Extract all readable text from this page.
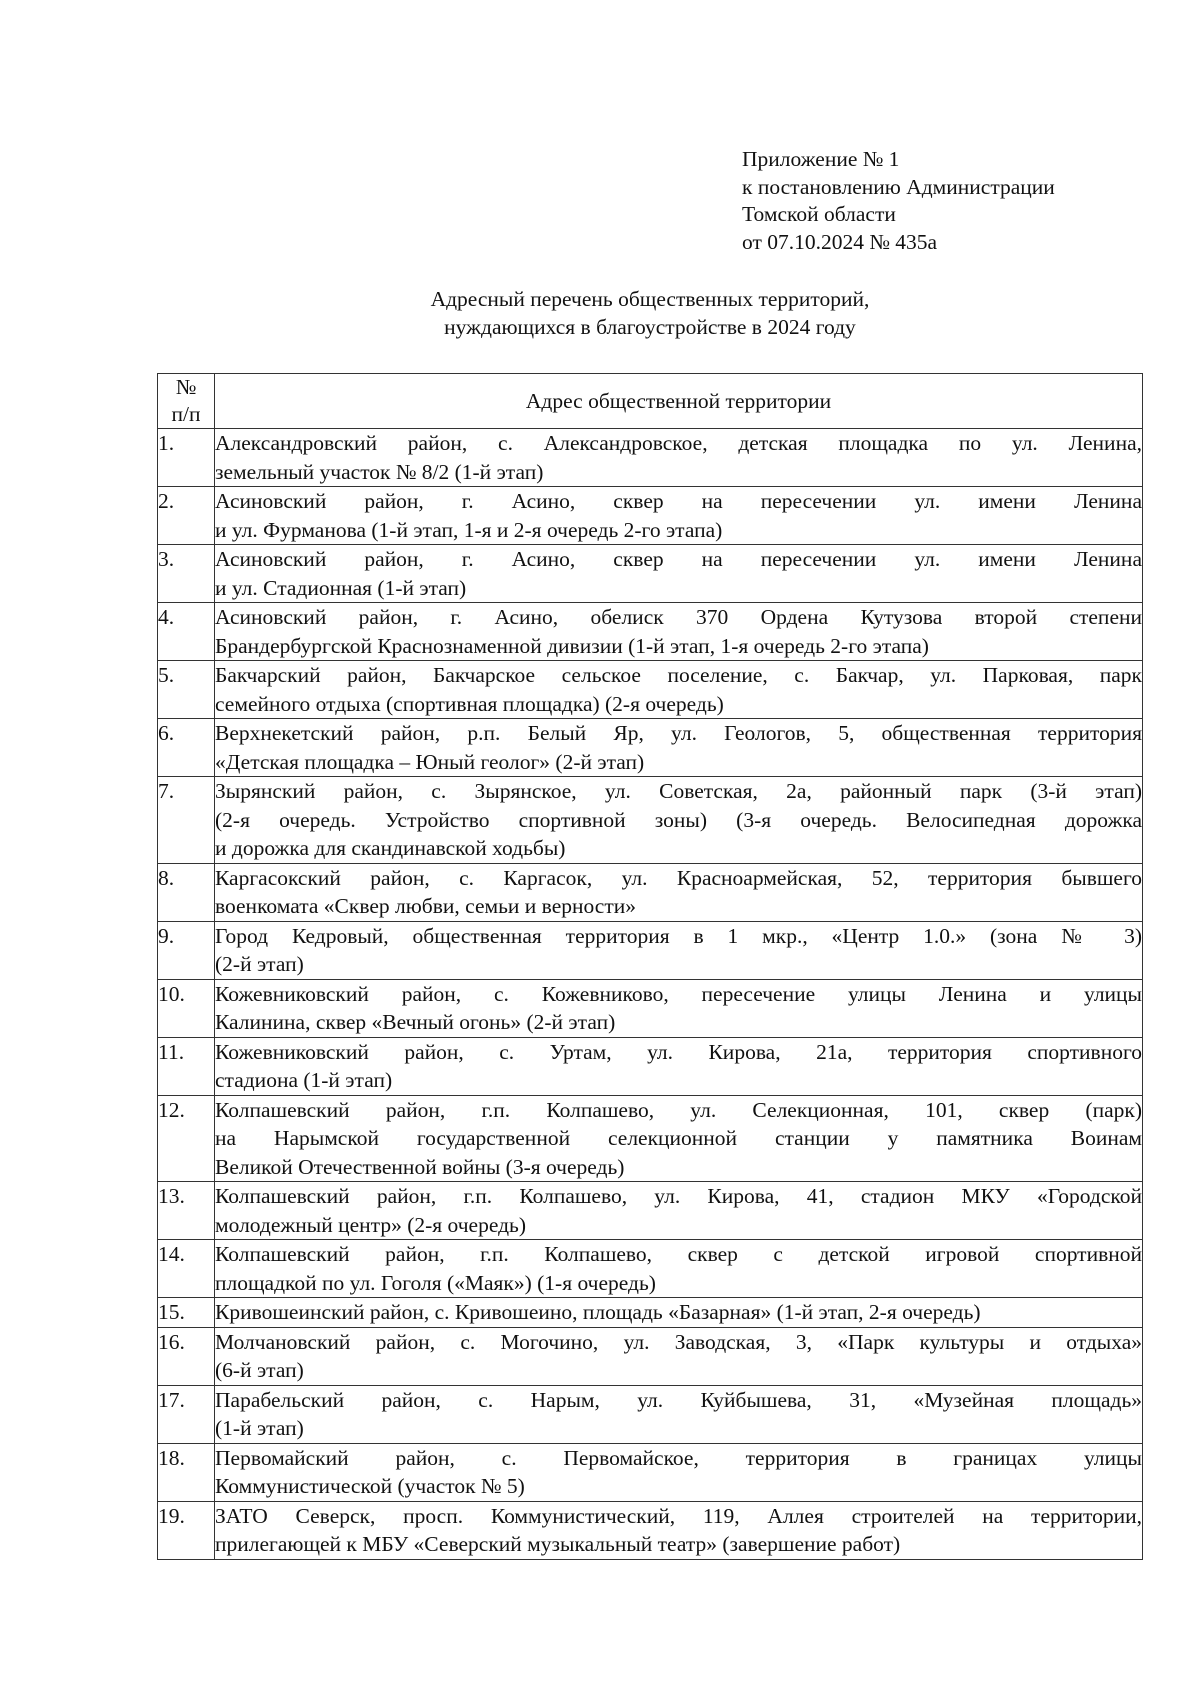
Приложение № 1
к постановлению Администрации
Томской области
от 07.10.2024 № 435а
Адресный перечень общественных территорий,
нуждающихся в благоустройстве в 2024 году
№
п/п	Адрес общественной территории
1.	Александровский район, с. Александровское, детская площадка по ул. Ленина,
земельный участок № 8/2 (1-й этап)

2.	Асиновский район, г. Асино, сквер на пересечении ул. имени Ленина
и ул. Фурманова (1-й этап, 1-я и 2-я очередь 2-го этапа)

3.	Асиновский район, г. Асино, сквер на пересечении ул. имени Ленина
и ул. Стадионная (1-й этап)

4.	Асиновский район, г. Асино, обелиск 370 Ордена Кутузова второй степени
Брандербургской Краснознаменной дивизии (1-й этап, 1-я очередь 2-го этапа)

5.	Бакчарский район, Бакчарское сельское поселение, с. Бакчар, ул. Парковая, парк
семейного отдыха (спортивная площадка) (2-я очередь)

6.	Верхнекетский район, р.п. Белый Яр, ул. Геологов, 5, общественная территория
«Детская площадка – Юный геолог» (2-й этап)

7.	Зырянский район, с. Зырянское, ул. Советская, 2а, районный парк (3-й этап)
(2-я очередь. Устройство спортивной зоны) (3-я очередь. Велосипедная дорожка
и дорожка для скандинавской ходьбы)

8.	Каргасокский район, с. Каргасок, ул. Красноармейская, 52, территория бывшего
военкомата «Сквер любви, семьи и верности»

9.	Город Кедровый, общественная территория в 1 мкр., «Центр 1.0.» (зона № 3)
(2-й этап)

10.	Кожевниковский район, с. Кожевниково, пересечение улицы Ленина и улицы
Калинина, сквер «Вечный огонь» (2-й этап)

11.	Кожевниковский район, с. Уртам, ул. Кирова, 21а, территория спортивного
стадиона (1-й этап)

12.	Колпашевский район, г.п. Колпашево, ул. Селекционная, 101, сквер (парк)
на Нарымской государственной селекционной станции у памятника Воинам
Великой Отечественной войны (3-я очередь)

13.	Колпашевский район, г.п. Колпашево, ул. Кирова, 41, стадион МКУ «Городской
молодежный центр» (2-я очередь)

14.	Колпашевский район, г.п. Колпашево, сквер с детской игровой спортивной
площадкой по ул. Гоголя («Маяк») (1-я очередь)

15.	Кривошеинский район, с. Кривошеино, площадь «Базарная» (1-й этап, 2-я очередь)

16.	Молчановский район, с. Могочино, ул. Заводская, 3, «Парк культуры и отдыха»
(6-й этап)

17.	Парабельский район, с. Нарым, ул. Куйбышева, 31, «Музейная площадь»
(1-й этап)

18.	Первомайский район, с. Первомайское, территория в границах улицы
Коммунистической (участок № 5)

19.	ЗАТО Северск, просп. Коммунистический, 119, Аллея строителей на территории,
прилегающей к МБУ «Северский музыкальный театр» (завершение работ)
